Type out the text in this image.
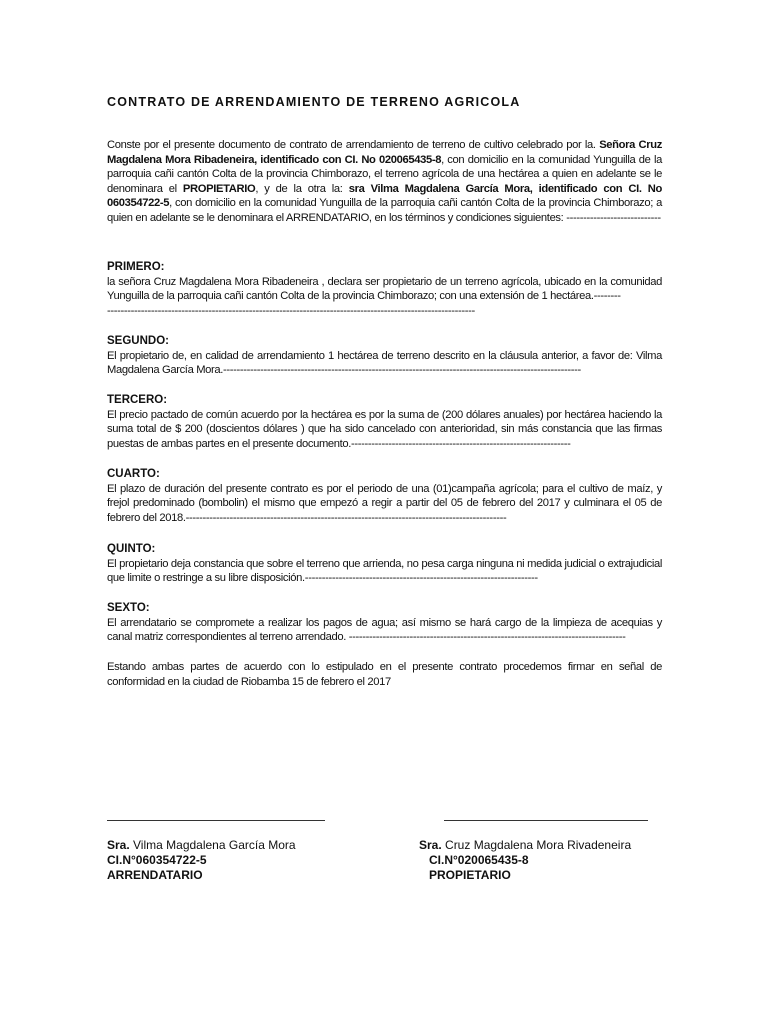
CONTRATO DE ARRENDAMIENTO DE TERRENO AGRICOLA
Conste por el presente documento de contrato de arrendamiento de terreno de cultivo celebrado por la. Señora Cruz Magdalena Mora Ribadeneira, identificado con CI. No 020065435-8, con domicilio en la comunidad Yunguilla de la parroquia cañi cantón Colta de la provincia Chimborazo, el terreno agrícola de una hectárea a quien en adelante se le denominara el PROPIETARIO, y de la otra la: sra Vilma Magdalena García Mora, identificado con CI. No 060354722-5, con domicilio en la comunidad Yunguilla de la parroquia cañi cantón Colta de la provincia Chimborazo; a quien en adelante se le denominara el ARRENDATARIO, en los términos y condiciones siguientes: ----------------------------
PRIMERO:
la señora Cruz Magdalena Mora Ribadeneira , declara ser propietario de un terreno agrícola, ubicado en la comunidad Yunguilla de la parroquia cañi cantón Colta de la provincia Chimborazo; con una extensión de 1 hectárea.--------
-------------------------------------------------------------------------------------------------------------
SEGUNDO:
El propietario de, en calidad de arrendamiento 1 hectárea de terreno descrito en la cláusula anterior, a favor de: Vilma Magdalena García Mora.----------------------------------------------------------------------------------------------------------
TERCERO:
El precio pactado de común acuerdo por la hectárea es por la suma de (200 dólares anuales) por hectárea haciendo la suma total de $ 200 (doscientos dólares ) que ha sido cancelado con anterioridad, sin más constancia que las firmas puestas de ambas partes en el presente documento.-----------------------------------------------------------------
CUARTO:
El plazo de duración del presente contrato es por el periodo de una (01)campaña agrícola; para el cultivo de maíz, y frejol predominado (bombolin) el mismo que empezó a regir a partir del 05 de febrero del 2017 y culminara el 05 de febrero del 2018.-----------------------------------------------------------------------------------------------
QUINTO:
El propietario deja constancia que sobre el terreno que arrienda, no pesa carga ninguna ni medida judicial o extrajudicial que limite o restringe a su libre disposición.---------------------------------------------------------------------
SEXTO:
El arrendatario se compromete a realizar los pagos de agua; así mismo se hará cargo de la limpieza de acequias y canal matriz correspondientes al terreno arrendado. ----------------------------------------------------------------------------------
Estando ambas partes de acuerdo con lo estipulado en el presente contrato procedemos firmar en señal de conformidad en la ciudad de Riobamba 15 de febrero el 2017
Sra. Vilma Magdalena García Mora
CI.N°060354722-5
ARRENDATARIO
Sra. Cruz Magdalena Mora Rivadeneira
CI.N°020065435-8
PROPIETARIO
